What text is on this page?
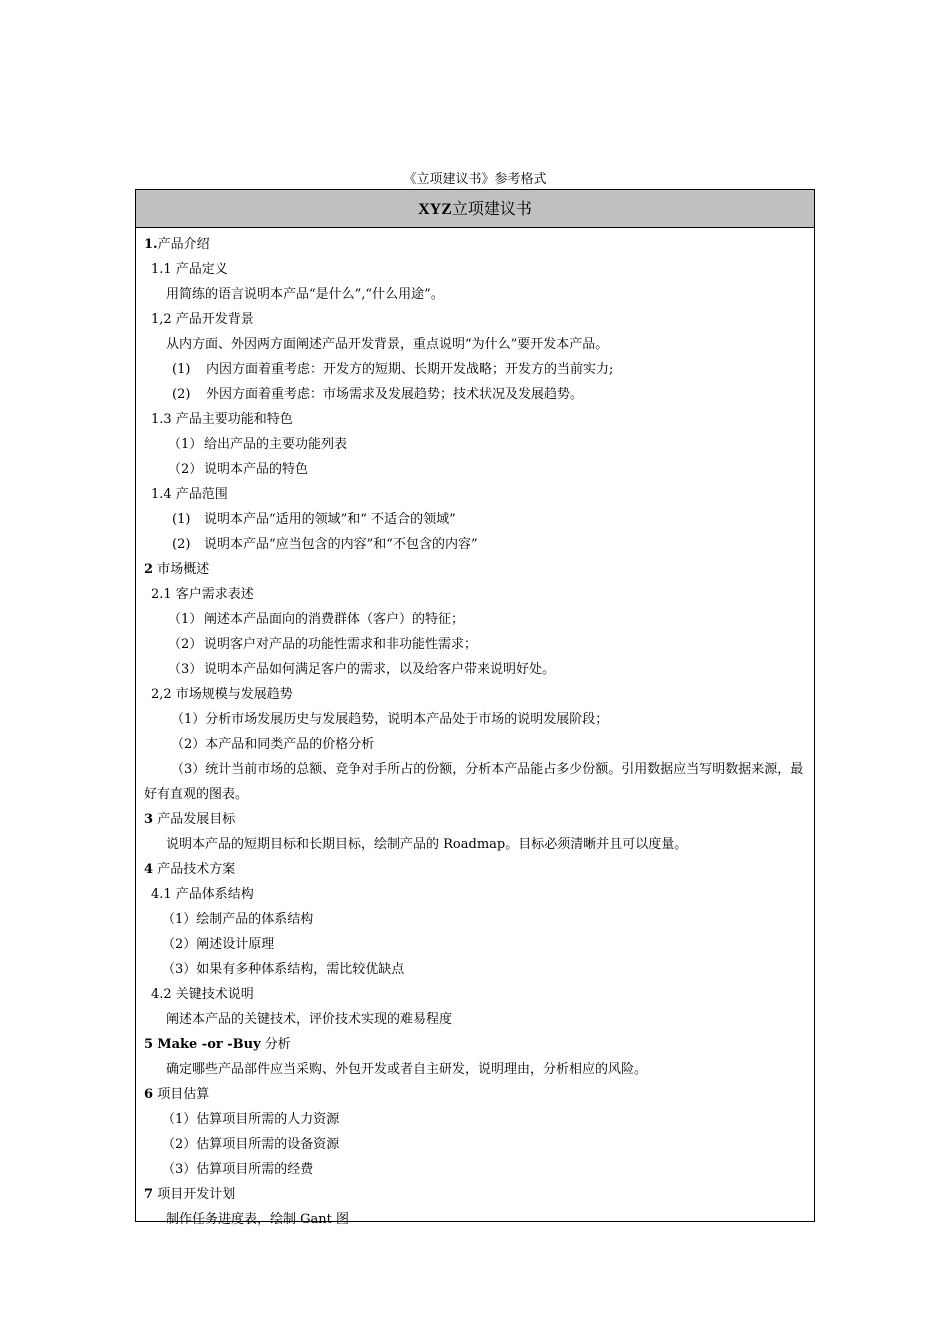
《立项建议书》参考格式
XYZ立项建议书
1.产品介绍
1.1 产品定义
用简练的语言说明本产品“是什么”,“什么用途”。
1,2 产品开发背景
从内方面、外因两方面阐述产品开发背景，重点说明“为什么”要开发本产品。
(1) 内因方面着重考虑：开发方的短期、长期开发战略；开发方的当前实力;
(2) 外因方面着重考虑：市场需求及发展趋势；技术状况及发展趋势。
1.3 产品主要功能和特色
（1） 给出产品的主要功能列表
（2） 说明本产品的特色
1.4 产品范围
(1) 说明本产品“适用的领域”和“ 不适合的领域”
(2) 说明本产品“应当包含的内容”和“不包含的内容”
2 市场概述
2.1 客户需求表述
（1） 阐述本产品面向的消费群体（客户）的特征；
（2） 说明客户对产品的功能性需求和非功能性需求；
（3） 说明本产品如何满足客户的需求，以及给客户带来说明好处。
2,2 市场规模与发展趋势
（1）分析市场发展历史与发展趋势，说明本产品处于市场的说明发展阶段；
（2）本产品和同类产品的价格分析
（3）统计当前市场的总额、竞争对手所占的份额，分析本产品能占多少份额。引用数据应当写明数据来源，最好有直观的图表。
3 产品发展目标
说明本产品的短期目标和长期目标，绘制产品的 Roadmap。目标必须清晰并且可以度量。
4 产品技术方案
4.1 产品体系结构
（1）绘制产品的体系结构
（2）阐述设计原理
（3）如果有多种体系结构，需比较优缺点
4.2 关键技术说明
阐述本产品的关键技术，评价技术实现的难易程度
5 Make -or -Buy 分析
确定哪些产品部件应当采购、外包开发或者自主研发，说明理由，分析相应的风险。
6 项目估算
（1）估算项目所需的人力资源
（2）估算项目所需的设备资源
（3）估算项目所需的经费
7 项目开发计划
制作任务进度表，绘制 Gant 图
